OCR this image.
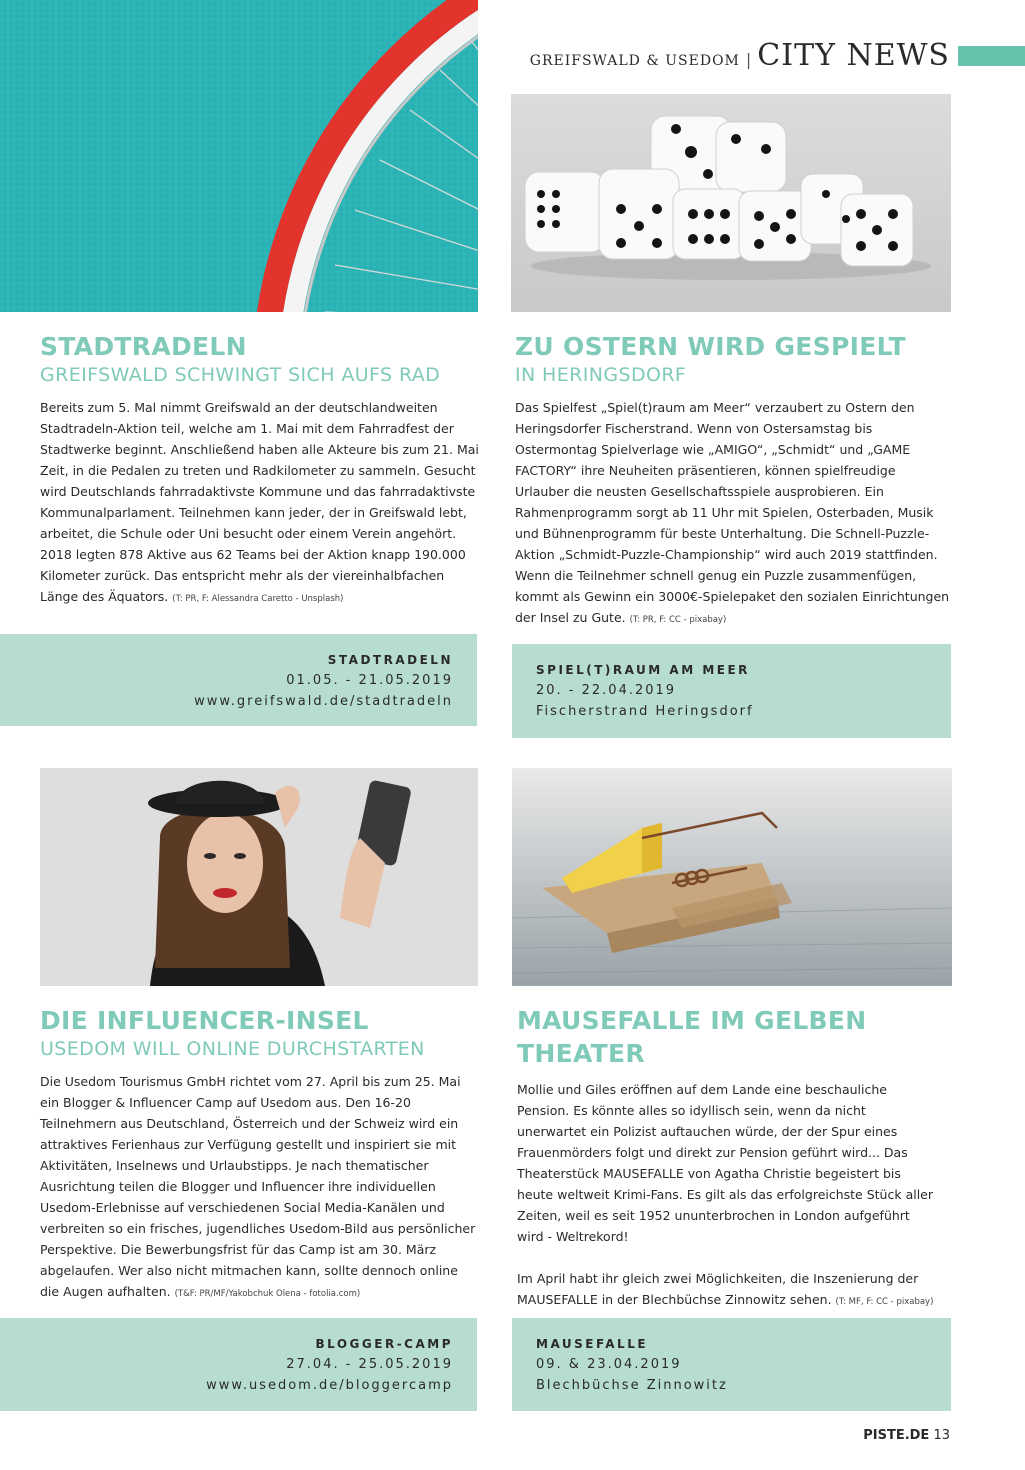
GREIFSWALD & USEDOM | CITY NEWS
STADTRADELN

GREIFSWALD SCHWINGT SICH AUFS RAD

Bereits zum 5. Mal nimmt Greifswald an der deutschlandweiten Stadtradeln-Aktion teil, welche am 1. Mai mit dem Fahrradfest der Stadtwerke beginnt. Anschließend haben alle Akteure bis zum 21. Mai Zeit, in die Pedalen zu treten und Radkilometer zu sammeln. Gesucht wird Deutschlands fahrradaktivste Kommune und das fahrradaktivste Kommunalparlament. Teilnehmen kann jeder, der in Greifswald lebt, arbeitet, die Schule oder Uni besucht oder einem Verein angehört. 2018 legten 878 Aktive aus 62 Teams bei der Aktion knapp 190.000 Kilometer zurück. Das entspricht mehr als der viereinhalbfachen Länge des Äquators. (T: PR, F: Alessandra Caretto - Unsplash)

ZU OSTERN WIRD GESPIELT

IN HERINGSDORF

Das Spielfest „Spiel(t)raum am Meer“ verzaubert zu Ostern den Heringsdorfer Fischerstrand. Wenn von Ostersamstag bis Ostermontag Spielverlage wie „AMIGO“, „Schmidt“ und „GAME FACTORY“ ihre Neuheiten präsentieren, können spielfreudige Urlauber die neusten Gesellschaftsspiele ausprobieren. Ein Rahmenprogramm sorgt ab 11 Uhr mit Spielen, Osterbaden, Musik und Bühnenprogramm für beste Unterhaltung. Die Schnell-Puzzle-Aktion „Schmidt-Puzzle-Championship“ wird auch 2019 stattfinden. Wenn die Teilnehmer schnell genug ein Puzzle zusammenfügen, kommt als Gewinn ein 3000€-Spielepaket den sozialen Einrichtungen der Insel zu Gute. (T: PR, F: CC - pixabay)

STADTRADELN
01.05. - 21.05.2019
www.greifswald.de/stadtradeln
SPIEL(T)RAUM AM MEER
20. - 22.04.2019
Fischerstrand Heringsdorf
DIE INFLUENCER-INSEL

USEDOM WILL ONLINE DURCHSTARTEN

Die Usedom Tourismus GmbH richtet vom 27. April bis zum 25. Mai ein Blogger & Influencer Camp auf Usedom aus. Den 16-20 Teilnehmern aus Deutschland, Österreich und der Schweiz wird ein attraktives Ferienhaus zur Verfügung gestellt und inspiriert sie mit Aktivitäten, Inselnews und Urlaubstipps. Je nach thematischer Ausrichtung teilen die Blogger und Influencer ihre individuellen Usedom-Erlebnisse auf verschiedenen Social Media-Kanälen und verbreiten so ein frisches, jugendliches Usedom-Bild aus persönlicher Perspektive. Die Bewerbungsfrist für das Camp ist am 30. März abgelaufen. Wer also nicht mitmachen kann, sollte dennoch online die Augen aufhalten. (T&F: PR/MF/Yakobchuk Olena - fotolia.com)

MAUSEFALLE IM GELBEN THEATER

Mollie und Giles eröffnen auf dem Lande eine beschauliche Pension. Es könnte alles so idyllisch sein, wenn da nicht unerwartet ein Polizist auftauchen würde, der der Spur eines Frauenmörders folgt und direkt zur Pension geführt wird... Das Theaterstück MAUSEFALLE von Agatha Christie begeistert bis heute weltweit Krimi-Fans. Es gilt als das erfolgreichste Stück aller Zeiten, weil es seit 1952 ununterbrochen in London aufgeführt wird - Weltrekord!

Im April habt ihr gleich zwei Möglichkeiten, die Inszenierung der MAUSEFALLE in der Blechbüchse Zinnowitz sehen. (T: MF, F: CC - pixabay)

BLOGGER-CAMP
27.04. - 25.05.2019
www.usedom.de/bloggercamp
MAUSEFALLE
09. & 23.04.2019
Blechbüchse Zinnowitz
PISTE.DE 13
